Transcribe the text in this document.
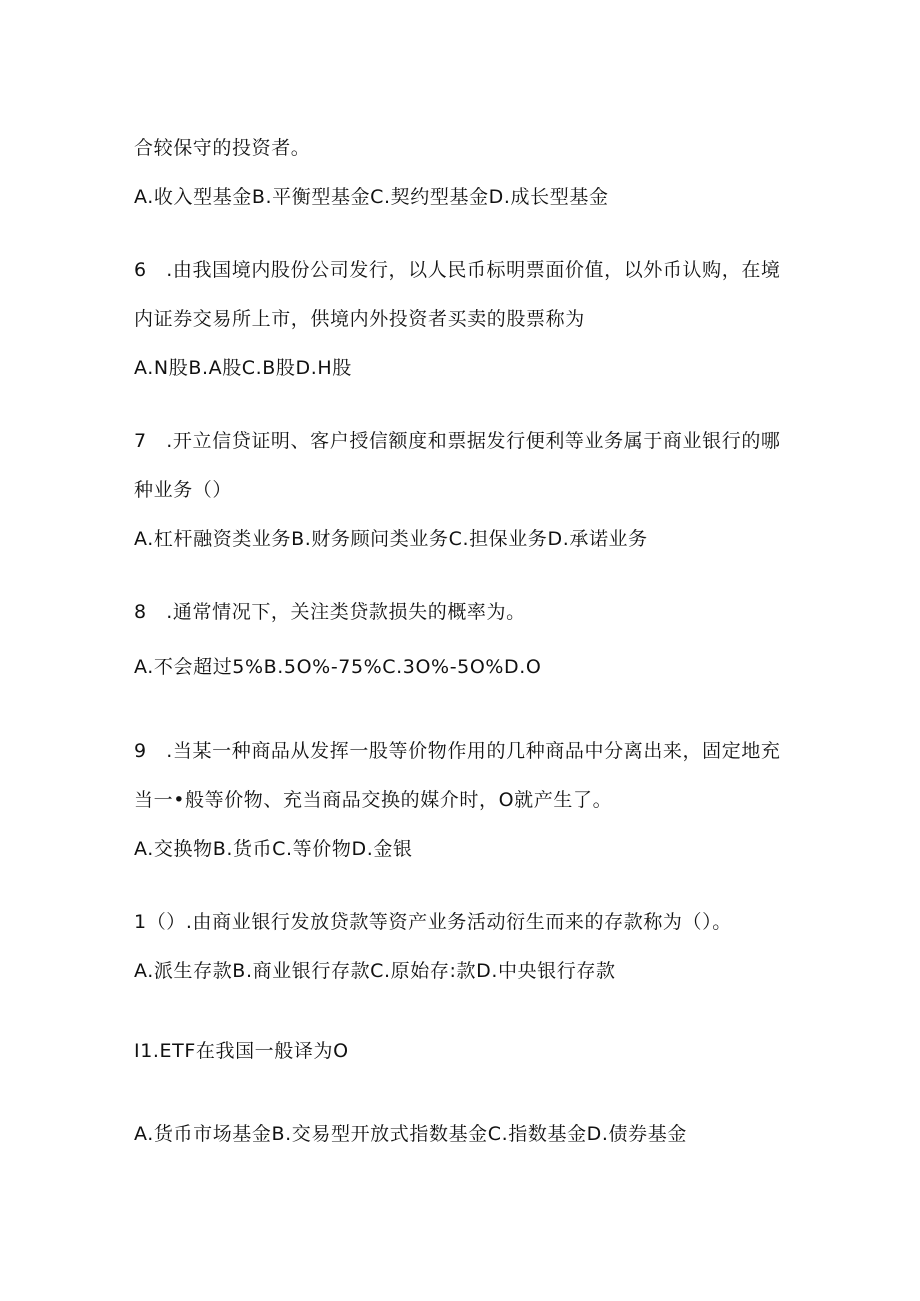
合较保守的投资者。
A.收入型基金B.平衡型基金C.契约型基金D.成长型基金
6　.由我国境内股份公司发行，以人民币标明票面价值，以外币认购，在境
内证券交易所上市，供境内外投资者买卖的股票称为
A.N股B.A股C.B股D.H股
7　.开立信贷证明、客户授信额度和票据发行便利等业务属于商业银行的哪
种业务（）
A.杠杆融资类业务B.财务顾问类业务C.担保业务D.承诺业务
8　.通常情况下，关注类贷款损失的概率为。
A.不会超过5%B.5O%-75%C.3O%-5O%D.O
9　.当某一种商品从发挥一股等价物作用的几种商品中分离出来，固定地充
当一•般等价物、充当商品交换的媒介时，O就产生了。
A.交换物B.货币C.等价物D.金银
1（）.由商业银行发放贷款等资产业务活动衍生而来的存款称为（）。
A.派生存款B.商业银行存款C.原始存:款D.中央银行存款
I1.ETF在我国一般译为O
A.货币市场基金B.交易型开放式指数基金C.指数基金D.债券基金
